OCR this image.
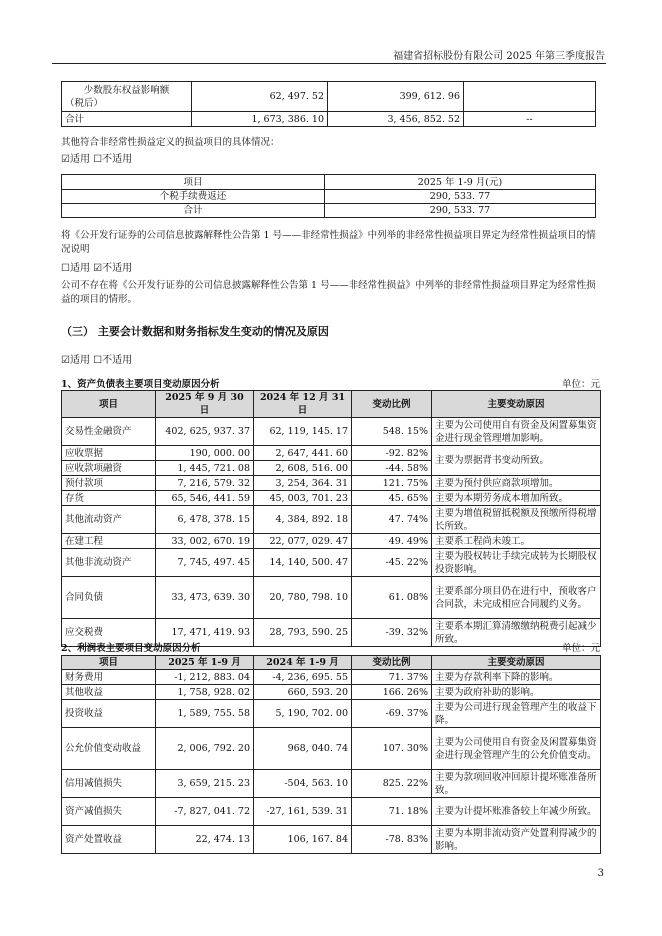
福建省招标股份有限公司 2025 年第三季度报告
少数股东权益影响额

（税后）	62, 497. 52	399, 612. 96	
合计	1, 673, 386. 10	3, 456, 852. 52	--
其他符合非经常性损益定义的损益项目的具体情况：
☑适用 ☐不适用
项目	2025 年 1-9 月(元)
个税手续费返还	290, 533. 77
合计	290, 533. 77
将《公开发行证券的公司信息披露解释性公告第 1 号——非经常性损益》中列举的非经常性损益项目界定为经常性损益项目的情况说明
☐适用 ☑不适用
公司不存在将《公开发行证券的公司信息披露解释性公告第 1 号——非经常性损益》中列举的非经常性损益项目界定为经常性损益的项目的情形。
（三） 主要会计数据和财务指标发生变动的情况及原因
☑适用 ☐不适用
1、资产负债表主要项目变动原因分析	单位：元
项目	2025 年 9 月 30 日	2024 年 12 月 31 日	变动比例	主要变动原因
交易性金融资产	402, 625, 937. 37	62, 119, 145. 17	548. 15%	主要为公司使用自有资金及闲置募集资金进行现金管理增加影响。
应收票据	190, 000. 00	2, 647, 441. 60	-92. 82%	主要为票据背书变动所致。
应收款项融资	1, 445, 721. 08	2, 608, 516. 00	-44. 58%	
预付款项	7, 216, 579. 32	3, 254, 364. 31	121. 75%	主要为预付供应商款项增加。
存货	65, 546, 441. 59	45, 003, 701. 23	45. 65%	主要为本期劳务成本增加所致。
其他流动资产	6, 478, 378. 15	4, 384, 892. 18	47. 74%	主要为增值税留抵税额及预缴所得税增长所致。
在建工程	33, 002, 670. 19	22, 077, 029. 47	49. 49%	主要系工程尚未竣工。
其他非流动资产	7, 745, 497. 45	14, 140, 500. 47	-45. 22%	主要为股权转让手续完成转为长期股权投资影响。
合同负债	33, 473, 639. 30	20, 780, 798. 10	61. 08%	主要系部分项目仍在进行中，预收客户合同款，未完成相应合同履约义务。
应交税费	17, 471, 419. 93	28, 793, 590. 25	-39. 32%	主要系本期汇算清缴缴纳税费引起减少所致。
2、利润表主要项目变动原因分析	单位：元
项目	2025 年 1-9 月	2024 年 1-9 月	变动比例	主要变动原因
财务费用	-1, 212, 883. 04	-4, 236, 695. 55	71. 37%	主要为存款利率下降的影响。
其他收益	1, 758, 928. 02	660, 593. 20	166. 26%	主要为政府补助的影响。
投资收益	1, 589, 755. 58	5, 190, 702. 00	-69. 37%	主要为公司进行现金管理产生的收益下降。
公允价值变动收益	2, 006, 792. 20	968, 040. 74	107. 30%	主要为公司使用自有资金及闲置募集资金进行现金管理产生的公允价值变动。
信用减值损失	3, 659, 215. 23	-504, 563. 10	825. 22%	主要为款项回收冲回原计提坏账准备所致。
资产减值损失	-7, 827, 041. 72	-27, 161, 539. 31	71. 18%	主要为计提坏账准备较上年减少所致。
资产处置收益	22, 474. 13	106, 167. 84	-78. 83%	主要为本期非流动资产处置利得减少的影响。
3
